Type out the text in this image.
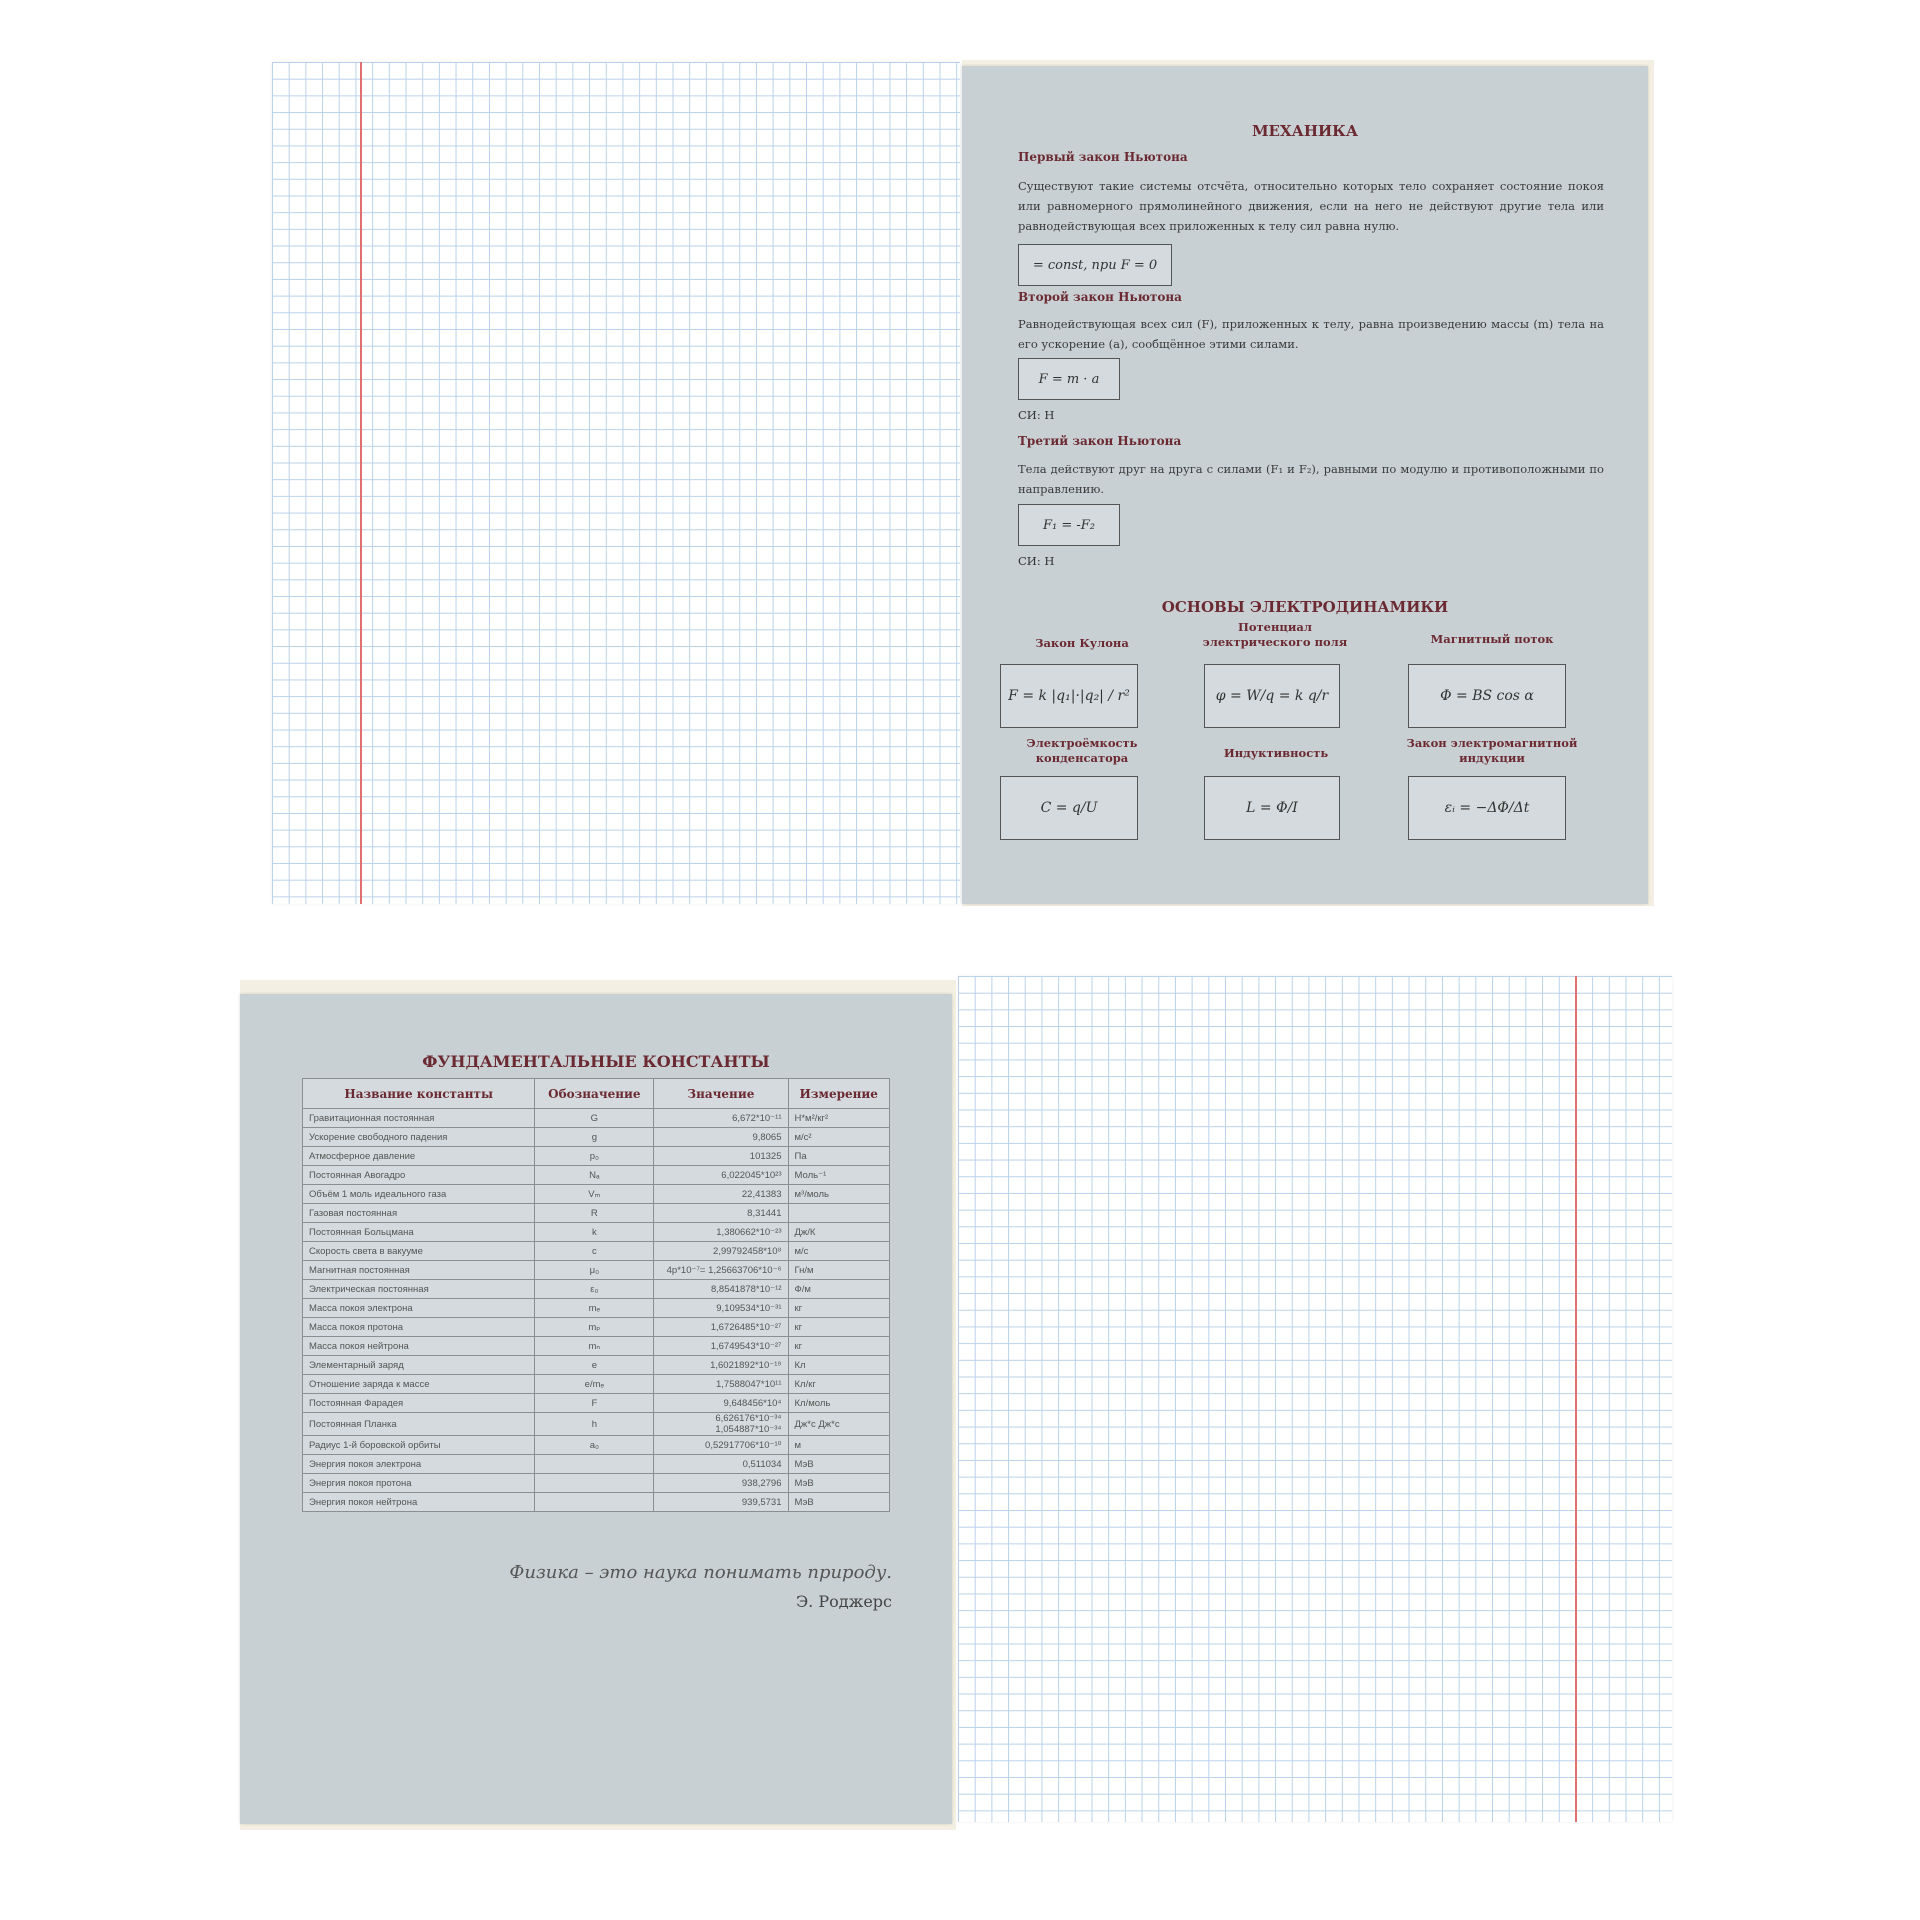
МЕХАНИКА
Первый закон Ньютона
Существуют такие системы отсчёта, относительно которых тело сохраняет состояние покоя или равномерного прямолинейного движения, если на него не действуют другие тела или равнодействующая всех приложенных к телу сил равна нулю.
= const, при F = 0
Второй закон Ньютона
Равнодействующая всех сил (F), приложенных к телу, равна произведению массы (m) тела на его ускорение (a), сообщённое этими силами.
F = m · a
СИ: Н
Третий закон Ньютона
Тела действуют друг на друга с силами (F₁ и F₂), равными по модулю и противоположными по направлению.
F₁ = -F₂
СИ: Н
ОСНОВЫ ЭЛЕКТРОДИНАМИКИ
Закон Кулона
F = k |q₁|·|q₂| / r²
Потенциал электрического поля
φ = W/q = k q/r
Магнитный поток
Φ = BS cos α
Электроёмкость конденсатора
C = q/U
Индуктивность
L = Φ/I
Закон электромагнитной индукции
εᵢ = −ΔΦ/Δt
ФУНДАМЕНТАЛЬНЫЕ КОНСТАНТЫ
Название константы	Обозначение	Значение	Измерение
Гравитационная постоянная	G	6,672*10⁻¹¹	Н*м²/кг²
Ускорение свободного падения	g	9,8065	м/с²
Атмосферное давление	p₀	101325	Па
Постоянная Авогадро	Nₐ	6,022045*10²³	Моль⁻¹
Объём 1 моль идеального газа	Vₘ	22,41383	м³/моль
Газовая постоянная	R	8,31441	
Постоянная Больцмана	k	1,380662*10⁻²³	Дж/К
Скорость света в вакууме	c	2,99792458*10⁸	м/с
Магнитная постоянная	μ₀	4p*10⁻⁷= 1,25663706*10⁻⁶	Гн/м
Электрическая постоянная	ε₀	8,8541878*10⁻¹²	Ф/м
Масса покоя электрона	mₑ	9,109534*10⁻³¹	кг
Масса покоя протона	mₚ	1,6726485*10⁻²⁷	кг
Масса покоя нейтрона	mₙ	1,6749543*10⁻²⁷	кг
Элементарный заряд	e	1,6021892*10⁻¹⁹	Кл
Отношение заряда к массе	e/mₑ	1,7588047*10¹¹	Кл/кг
Постоянная Фарадея	F	9,648456*10⁴	Кл/моль
Постоянная Планка	h	6,626176*10⁻³⁴ 1,054887*10⁻³⁴	Дж*с Дж*с
Радиус 1-й боровской орбиты	a₀	0,52917706*10⁻¹⁰	м
Энергия покоя электрона		0,511034	МэВ
Энергия покоя протона		938,2796	МэВ
Энергия покоя нейтрона		939,5731	МэВ
Физика – это наука понимать природу.
Э. Роджерс
